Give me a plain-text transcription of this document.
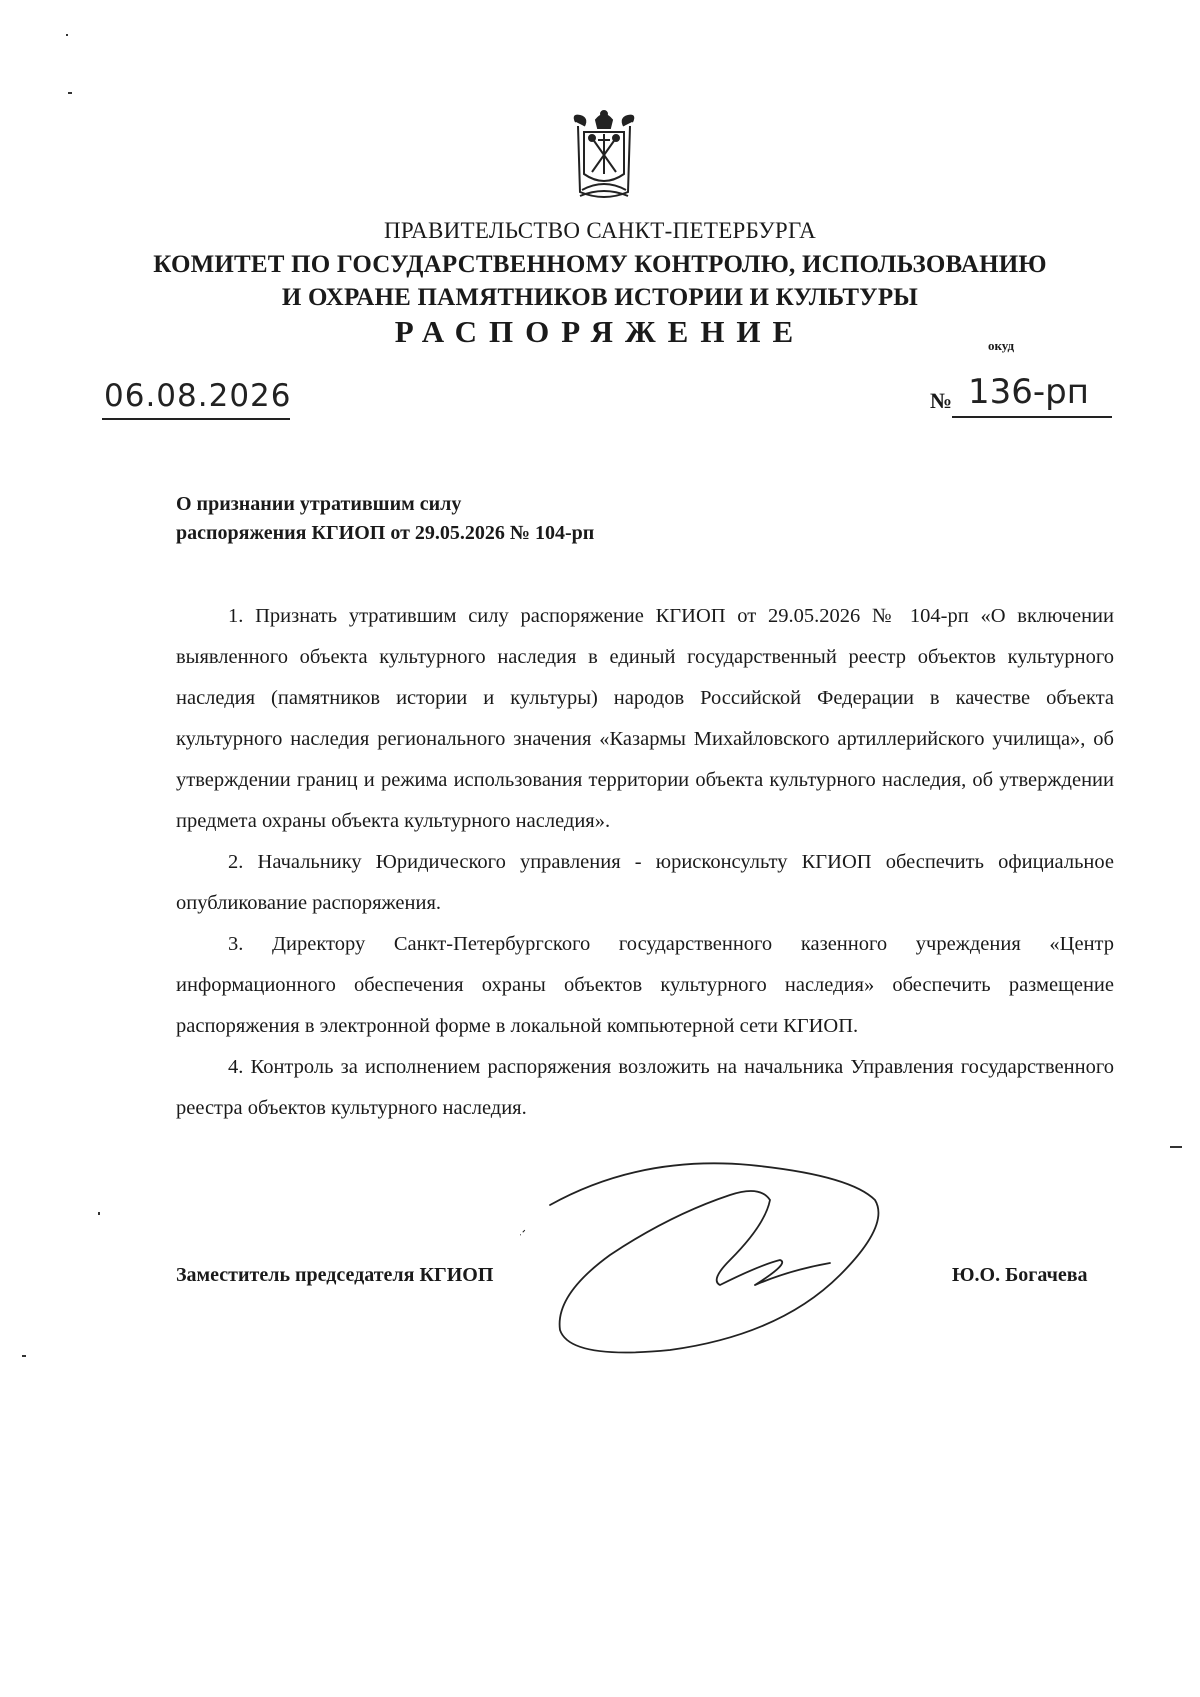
ПРАВИТЕЛЬСТВО САНКТ-ПЕТЕРБУРГА
КОМИТЕТ ПО ГОСУДАРСТВЕННОМУ КОНТРОЛЮ, ИСПОЛЬЗОВАНИЮ
И ОХРАНЕ ПАМЯТНИКОВ ИСТОРИИ И КУЛЬТУРЫ
РАСПОРЯЖЕНИЕ	окуд
06.08.2026	№ 136-рп
О признании утратившим силу
распоряжения КГИОП от 29.05.2026 № 104-рп

1. Признать утратившим силу распоряжение КГИОП от 29.05.2026 № 104-рп «О включении выявленного объекта культурного наследия в единый государственный реестр объектов культурного наследия (памятников истории и культуры) народов Российской Федерации в качестве объекта культурного наследия регионального значения «Казармы Михайловского артиллерийского училища», об утверждении границ и режима использования территории объекта культурного наследия, об утверждении предмета охраны объекта культурного наследия».

2. Начальнику Юридического управления - юрисконсульту КГИОП обеспечить официальное опубликование распоряжения.

3. Директору Санкт-Петербургского государственного казенного учреждения «Центр информационного обеспечения охраны объектов культурного наследия» обеспечить размещение распоряжения в электронной форме в локальной компьютерной сети КГИОП.

4. Контроль за исполнением распоряжения возложить на начальника Управления государственного реестра объектов культурного наследия.

Заместитель председателя КГИОП	Ю.О. Богачева
